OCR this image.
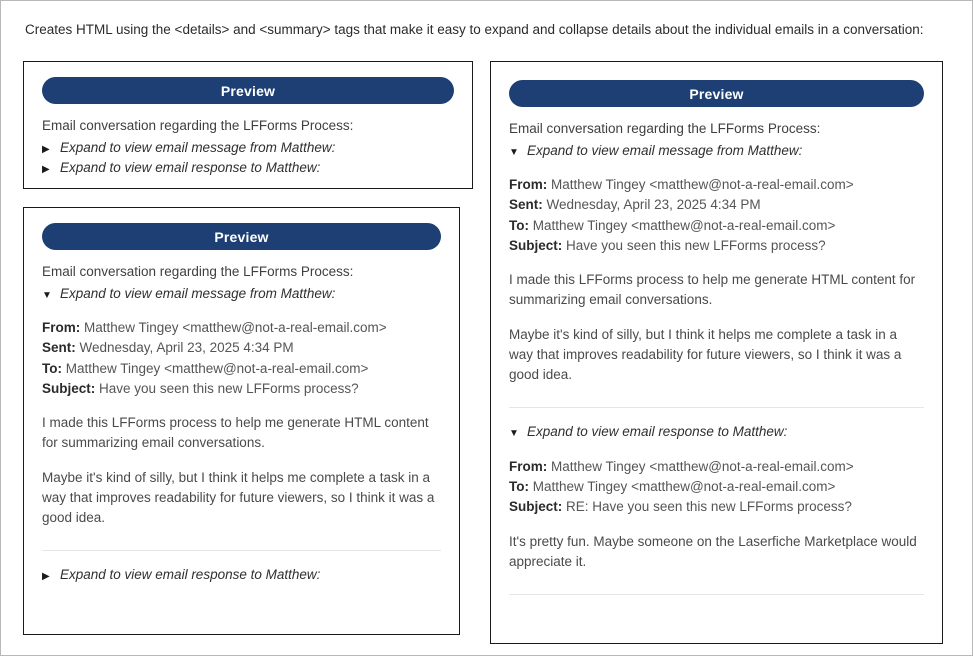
Creates HTML using the <details> and <summary> tags that make it easy to expand and collapse details about the individual emails in a conversation:
Preview
Email conversation regarding the LFForms Process:
▶ Expand to view email message from Matthew:
▶ Expand to view email response to Matthew:
Preview
Email conversation regarding the LFForms Process:
▼ Expand to view email message from Matthew:
From: Matthew Tingey <matthew@not-a-real-email.com>
Sent: Wednesday, April 23, 2025 4:34 PM
To: Matthew Tingey <matthew@not-a-real-email.com>
Subject: Have you seen this new LFForms process?
I made this LFForms process to help me generate HTML content for summarizing email conversations.
Maybe it's kind of silly, but I think it helps me complete a task in a way that improves readability for future viewers, so I think it was a good idea.
▶ Expand to view email response to Matthew:
Preview
Email conversation regarding the LFForms Process:
▼ Expand to view email message from Matthew:
From: Matthew Tingey <matthew@not-a-real-email.com>
Sent: Wednesday, April 23, 2025 4:34 PM
To: Matthew Tingey <matthew@not-a-real-email.com>
Subject: Have you seen this new LFForms process?
I made this LFForms process to help me generate HTML content for summarizing email conversations.
Maybe it's kind of silly, but I think it helps me complete a task in a way that improves readability for future viewers, so I think it was a good idea.
▼ Expand to view email response to Matthew:
From: Matthew Tingey <matthew@not-a-real-email.com>
To: Matthew Tingey <matthew@not-a-real-email.com>
Subject: RE: Have you seen this new LFForms process?
It's pretty fun. Maybe someone on the Laserfiche Marketplace would appreciate it.
